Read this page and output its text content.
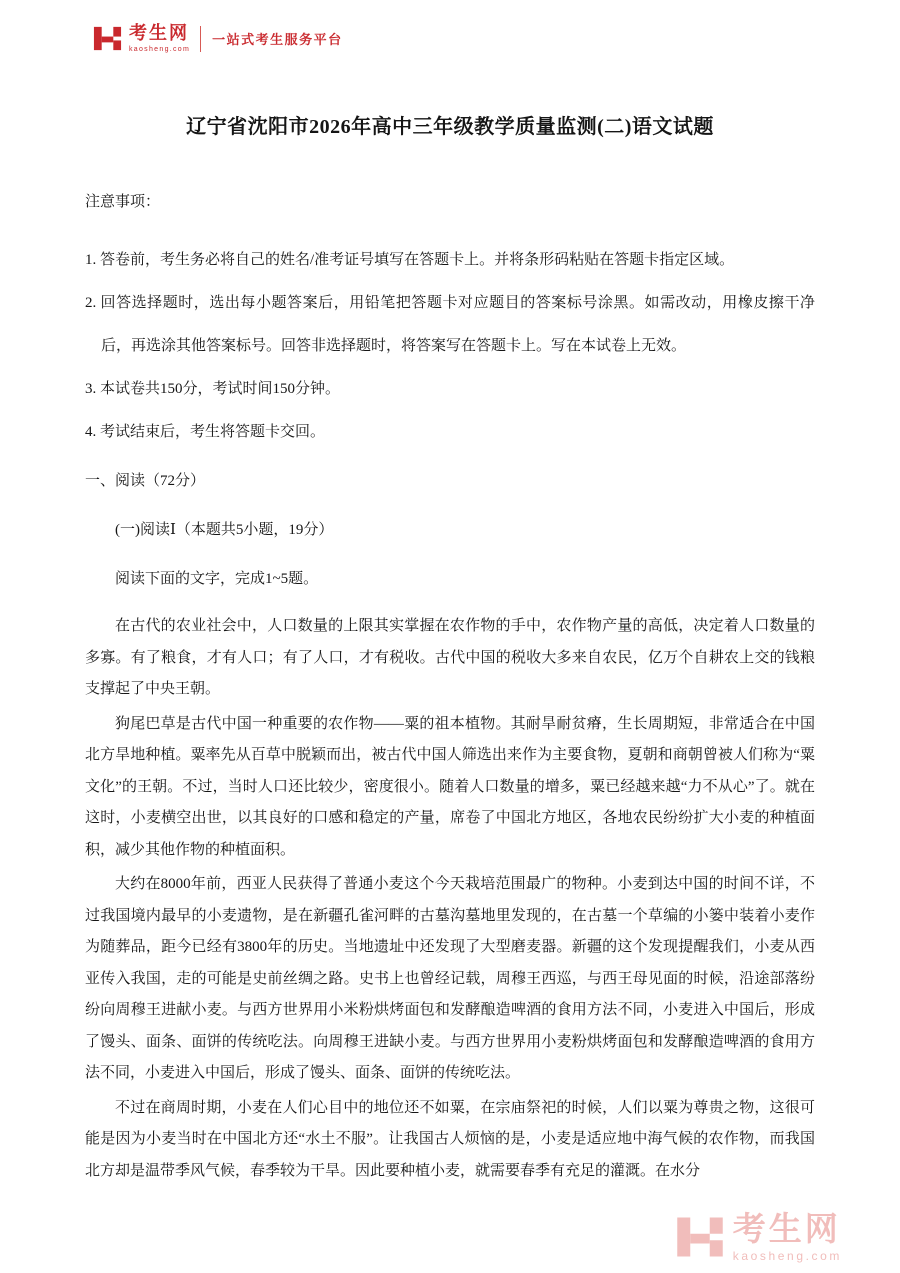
考生网
kaosheng.com
一站式考生服务平台
辽宁省沈阳市2026年高中三年级教学质量监测(二)语文试题

注意事项：

1. 答卷前，考生务必将自己的姓名/准考证号填写在答题卡上。并将条形码粘贴在答题卡指定区域。

2. 回答选择题时，选出每小题答案后，用铅笔把答题卡对应题目的答案标号涂黑。如需改动，用橡皮擦干净后，再选涂其他答案标号。回答非选择题时，将答案写在答题卡上。写在本试卷上无效。

3. 本试卷共150分，考试时间150分钟。

4. 考试结束后，考生将答题卡交回。

一、阅读（72分）

(一)阅读Ⅰ（本题共5小题，19分）

阅读下面的文字，完成1~5题。

在古代的农业社会中，人口数量的上限其实掌握在农作物的手中，农作物产量的高低，决定着人口数量的多寡。有了粮食，才有人口；有了人口，才有税收。古代中国的税收大多来自农民，亿万个自耕农上交的钱粮支撑起了中央王朝。

狗尾巴草是古代中国一种重要的农作物——粟的祖本植物。其耐旱耐贫瘠，生长周期短，非常适合在中国北方旱地种植。粟率先从百草中脱颖而出，被古代中国人筛选出来作为主要食物，夏朝和商朝曾被人们称为“粟文化”的王朝。不过，当时人口还比较少，密度很小。随着人口数量的增多，粟已经越来越“力不从心”了。就在这时，小麦横空出世，以其良好的口感和稳定的产量，席卷了中国北方地区，各地农民纷纷扩大小麦的种植面积，减少其他作物的种植面积。

大约在8000年前，西亚人民获得了普通小麦这个今天栽培范围最广的物种。小麦到达中国的时间不详，不过我国境内最早的小麦遗物，是在新疆孔雀河畔的古墓沟墓地里发现的，在古墓一个草编的小篓中装着小麦作为随葬品，距今已经有3800年的历史。当地遗址中还发现了大型磨麦器。新疆的这个发现提醒我们，小麦从西亚传入我国，走的可能是史前丝绸之路。史书上也曾经记载，周穆王西巡，与西王母见面的时候，沿途部落纷纷向周穆王进献小麦。与西方世界用小米粉烘烤面包和发酵酿造啤酒的食用方法不同，小麦进入中国后，形成了馒头、面条、面饼的传统吃法。向周穆王进缺小麦。与西方世界用小麦粉烘烤面包和发酵酿造啤酒的食用方法不同，小麦进入中国后，形成了馒头、面条、面饼的传统吃法。

不过在商周时期，小麦在人们心目中的地位还不如粟，在宗庙祭祀的时候，人们以粟为尊贵之物，这很可能是因为小麦当时在中国北方还“水土不服”。让我国古人烦恼的是，小麦是适应地中海气候的农作物，而我国北方却是温带季风气候，春季较为干旱。因此要种植小麦，就需要春季有充足的灌溉。在水分

考生网
kaosheng.com
